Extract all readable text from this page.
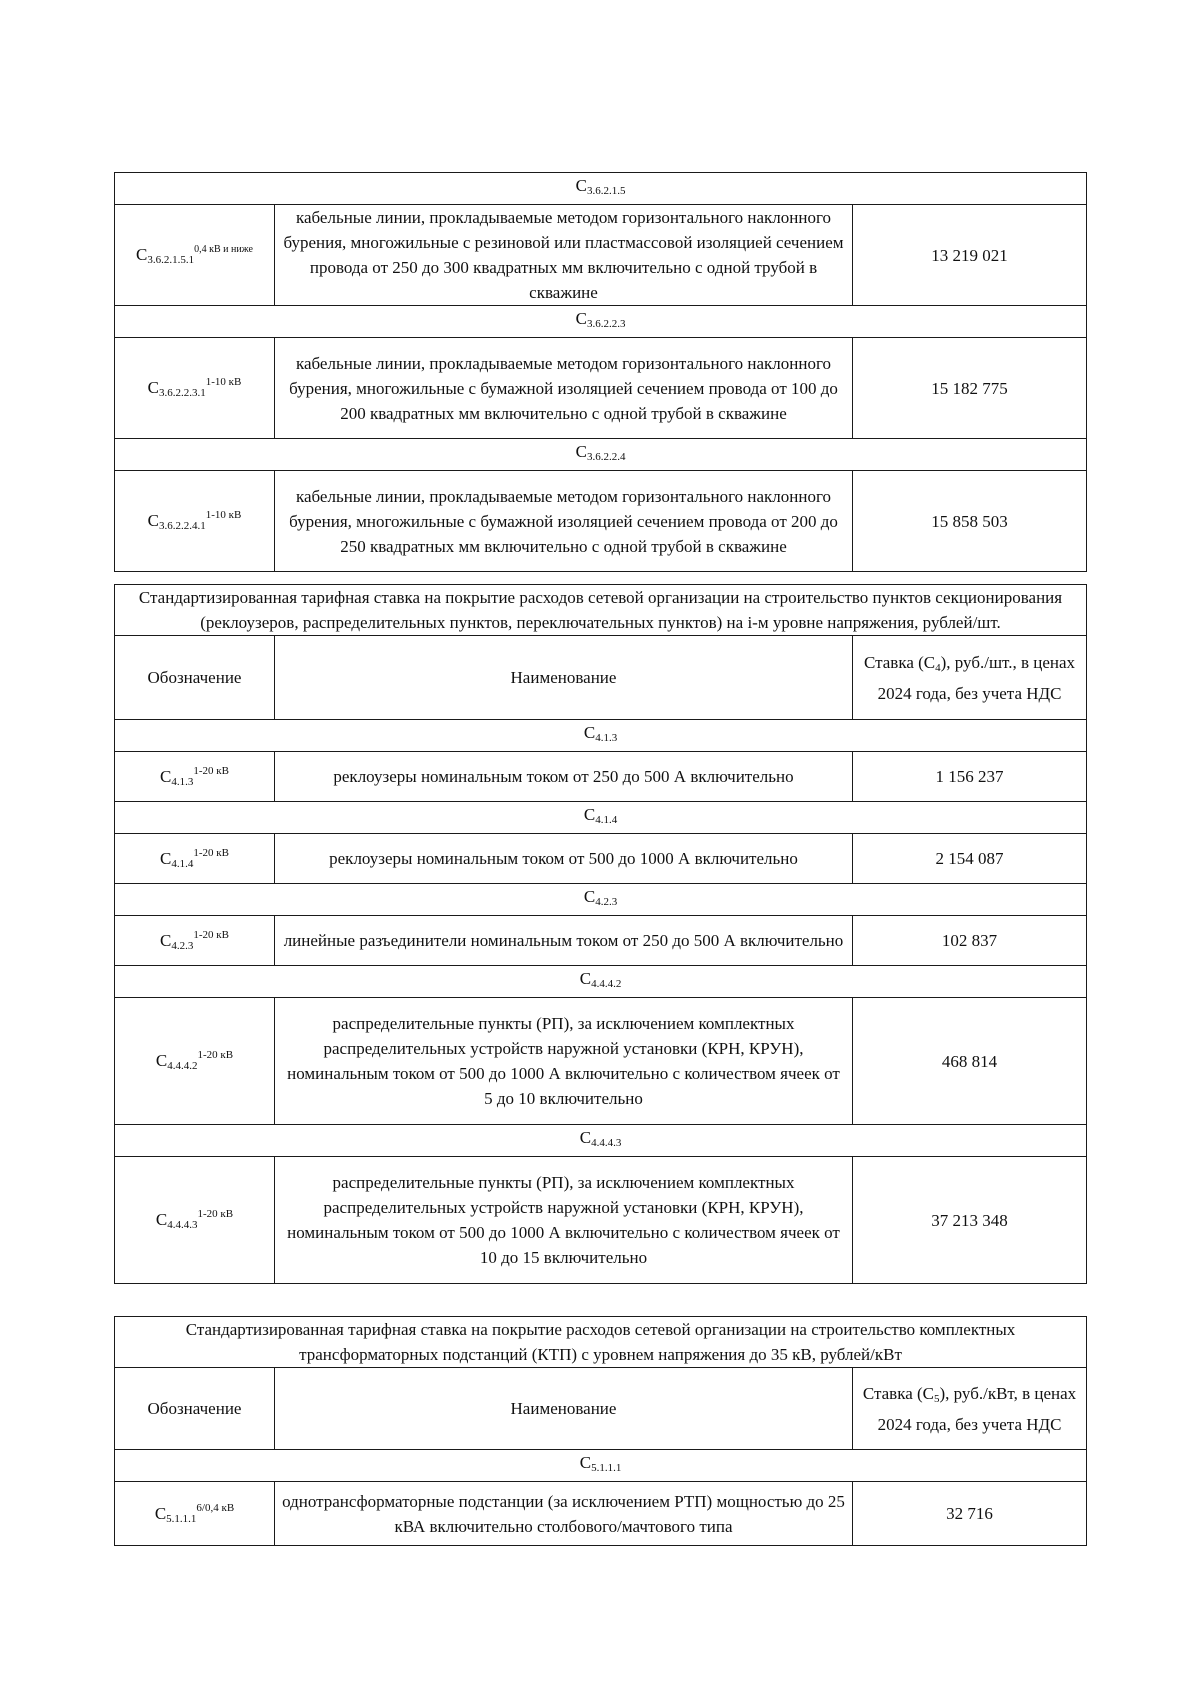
$С_{3.6.2.1.5}$
$С_{3.6.2.1.5.1}^{0,4 кВ и ниже}$	кабельные линии, прокладываемые методом горизонтального наклонного бурения, многожильные с резиновой или пластмассовой изоляцией сечением провода от 250 до 300 квадратных мм включительно с одной трубой в скважине	13 219 021
$С_{3.6.2.2.3}$
$С_{3.6.2.2.3.1}^{1-10 кВ}$	кабельные линии, прокладываемые методом горизонтального наклонного бурения, многожильные с бумажной изоляцией сечением провода от 100 до 200 квадратных мм включительно с одной трубой в скважине	15 182 775
$С_{3.6.2.2.4}$
$С_{3.6.2.2.4.1}^{1-10 кВ}$	кабельные линии, прокладываемые методом горизонтального наклонного бурения, многожильные с бумажной изоляцией сечением провода от 200 до 250 квадратных мм включительно с одной трубой в скважине	15 858 503
Стандартизированная тарифная ставка на покрытие расходов сетевой организации на строительство пунктов секционирования (реклоузеров, распределительных пунктов, переключательных пунктов) на i-м уровне напряжения, рублей/шт.		
Обозначение	Наименование	Ставка $(С_4)$, руб./шт., в ценах 2024 года, без учета НДС
$С_{4.1.3}$
$С_{4.1.3}^{1-20 кВ}$	реклоузеры номинальным током от 250 до 500 А включительно	1 156 237
$С_{4.1.4}$
$С_{4.1.4}^{1-20 кВ}$	реклоузеры номинальным током от 500 до 1000 А включительно	2 154 087
$С_{4.2.3}$
$С_{4.2.3}^{1-20 кВ}$	линейные разъединители номинальным током от 250 до 500 А включительно	102 837
$С_{4.4.4.2}$
$С_{4.4.4.2}^{1-20 кВ}$	распределительные пункты (РП), за исключением комплектных распределительных устройств наружной установки (КРН, КРУН), номинальным током от 500 до 1000 А включительно с количеством ячеек от 5 до 10 включительно	468 814
$С_{4.4.4.3}$
$С_{4.4.4.3}^{1-20 кВ}$	распределительные пункты (РП), за исключением комплектных распределительных устройств наружной установки (КРН, КРУН), номинальным током от 500 до 1000 А включительно с количеством ячеек от 10 до 15 включительно	37 213 348
Стандартизированная тарифная ставка на покрытие расходов сетевой организации на строительство комплектных трансформаторных подстанций (КТП) с уровнем напряжения до 35 кВ, рублей/кВт		
Обозначение	Наименование	Ставка $(С_5)$, руб./кВт, в ценах 2024 года, без учета НДС
$С_{5.1.1.1}$
$С_{5.1.1.1}^{6/0,4 кВ}$	однотрансформаторные подстанции (за исключением РТП) мощностью до 25 кВА включительно столбового/мачтового типа	32 716
